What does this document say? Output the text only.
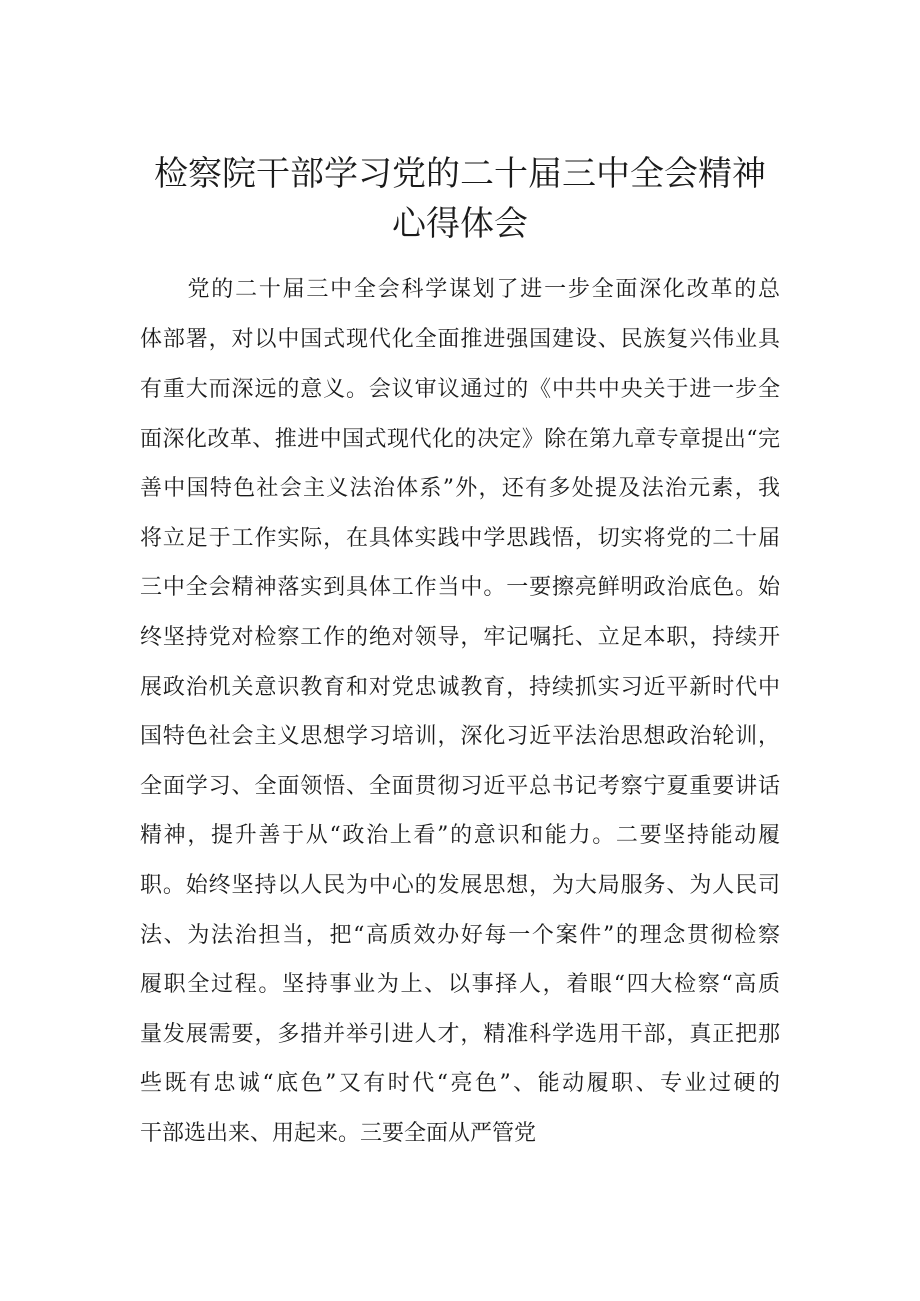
检察院干部学习党的二十届三中全会精神
心得体会
　　党的二十届三中全会科学谋划了进一步全面深化改革的总
体部署，对以中国式现代化全面推进强国建设、民族复兴伟业具
有重大而深远的意义。会议审议通过的《中共中央关于进一步全
面深化改革、推进中国式现代化的决定》除在第九章专章提出“完
善中国特色社会主义法治体系”外，还有多处提及法治元素，我
将立足于工作实际，在具体实践中学思践悟，切实将党的二十届
三中全会精神落实到具体工作当中。一要擦亮鲜明政治底色。始
终坚持党对检察工作的绝对领导，牢记嘱托、立足本职，持续开
展政治机关意识教育和对党忠诚教育，持续抓实习近平新时代中
国特色社会主义思想学习培训，深化习近平法治思想政治轮训，
全面学习、全面领悟、全面贯彻习近平总书记考察宁夏重要讲话
精神，提升善于从“政治上看”的意识和能力。二要坚持能动履
职。始终坚持以人民为中心的发展思想，为大局服务、为人民司
法、为法治担当，把“高质效办好每一个案件”的理念贯彻检察
履职全过程。坚持事业为上、以事择人，着眼“四大检察“高质
量发展需要，多措并举引进人才，精准科学选用干部，真正把那
些既有忠诚“底色”又有时代“亮色”、能动履职、专业过硬的
干部选出来、用起来。三要全面从严管党
